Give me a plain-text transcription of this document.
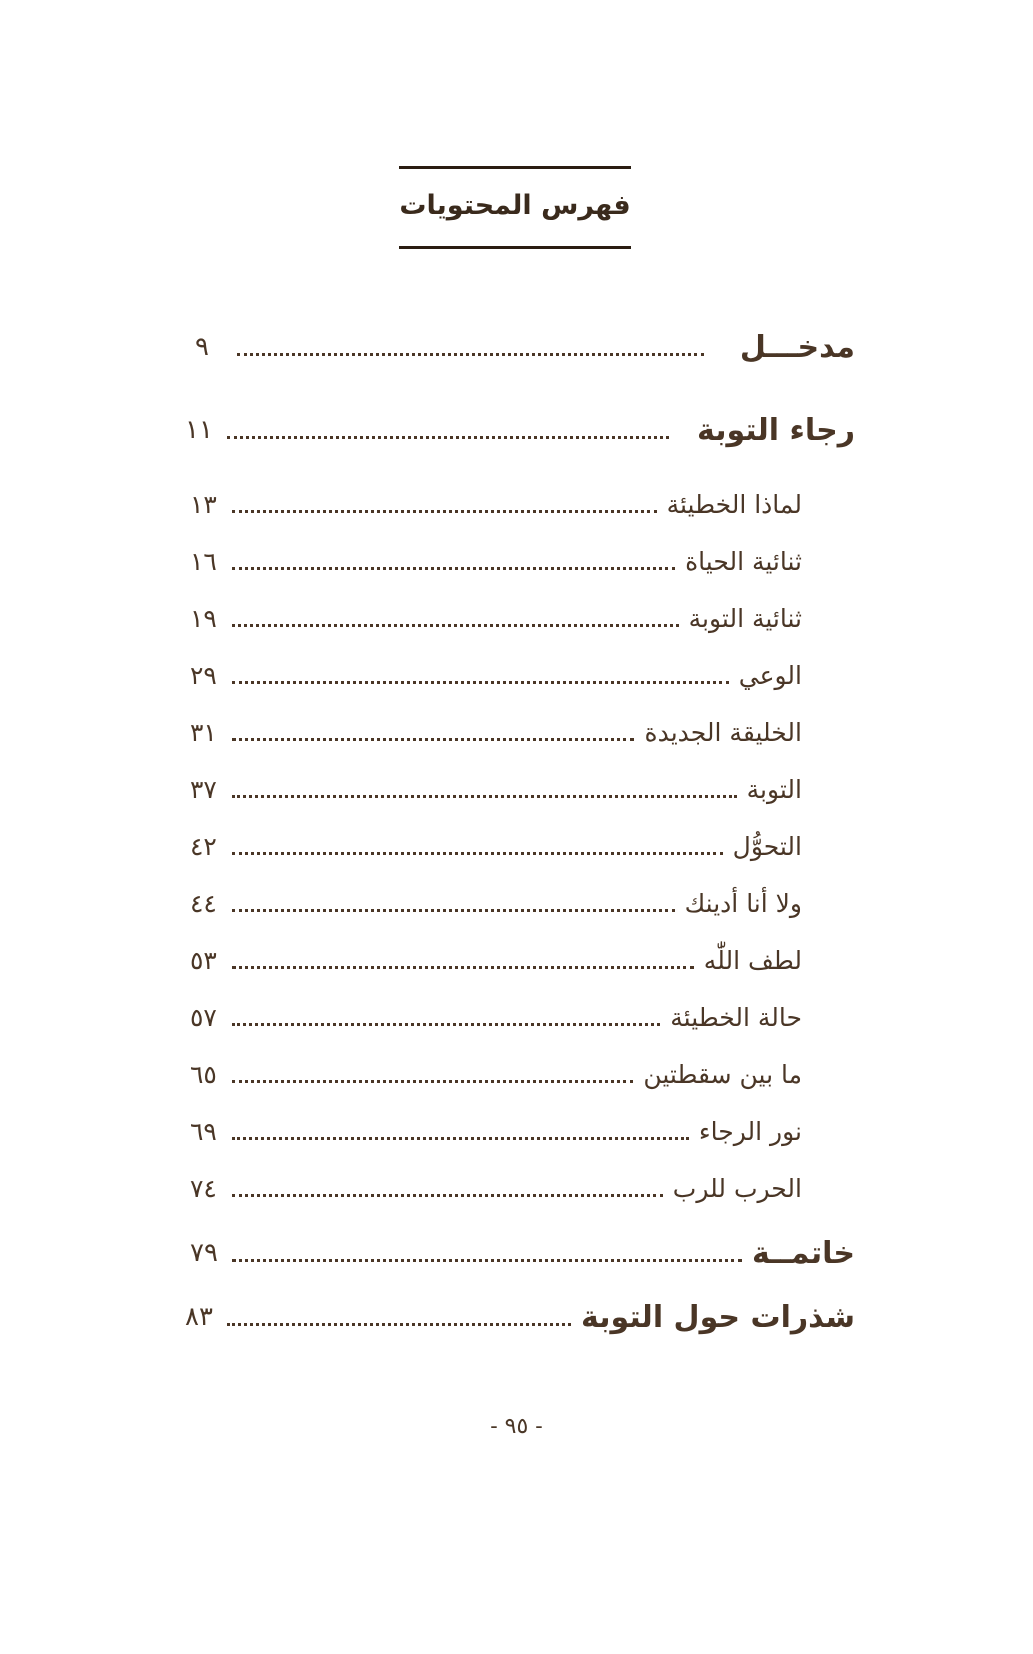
فهرس المحتويات
مدخـــل
٩
رجاء التوبة
١١
لماذا الخطيئة
١٣
ثنائية الحياة
١٦
ثنائية التوبة
١٩
الوعي
٢٩
الخليقة الجديدة
٣١
التوبة
٣٧
التحوُّل
٤٢
ولا أنا أدينك
٤٤
لطف اللّٰه
٥٣
حالة الخطيئة
٥٧
ما بين سقطتين
٦٥
نور الرجاء
٦٩
الحرب للرب
٧٤
خاتمــة
٧٩
شذرات حول التوبة
٨٣
- ٩٥ -
